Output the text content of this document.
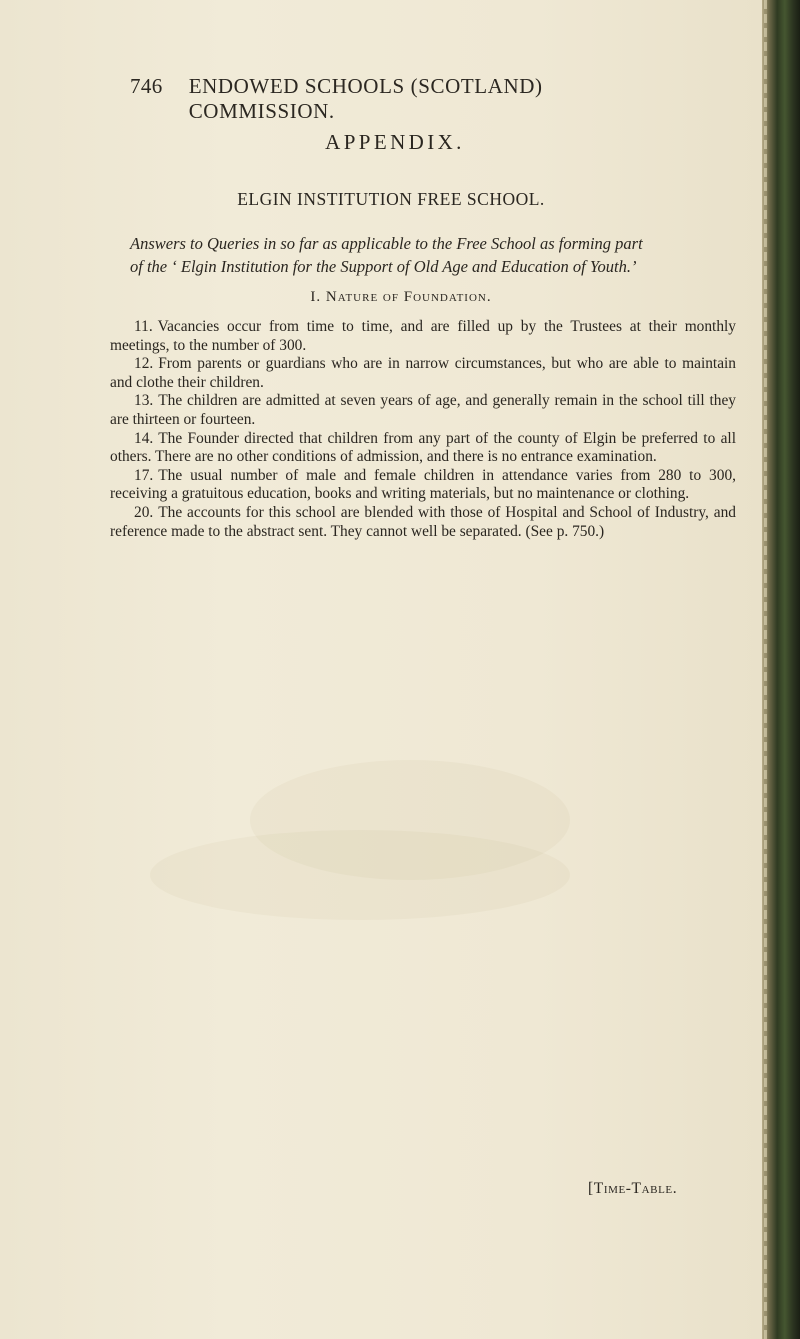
746 ENDOWED SCHOOLS (SCOTLAND) COMMISSION.
APPENDIX.
ELGIN INSTITUTION FREE SCHOOL.
Answers to Queries in so far as applicable to the Free School as forming part
of the ‘ Elgin Institution for the Support of Old Age and Education of Youth.’
I. Nature of Foundation.

11. Vacancies occur from time to time, and are filled up by the Trustees at their monthly meetings, to the number of 300.

12. From parents or guardians who are in narrow circumstances, but who are able to maintain and clothe their children.

13. The children are admitted at seven years of age, and generally remain in the school till they are thirteen or fourteen.

14. The Founder directed that children from any part of the county of Elgin be preferred to all others. There are no other conditions of admission, and there is no entrance examination.

17. The usual number of male and female children in attendance varies from 280 to 300, receiving a gratuitous education, books and writing materials, but no maintenance or clothing.

20. The accounts for this school are blended with those of Hospital and School of Industry, and reference made to the abstract sent. They cannot well be separated. (See p. 750.)

[Time-Table.
